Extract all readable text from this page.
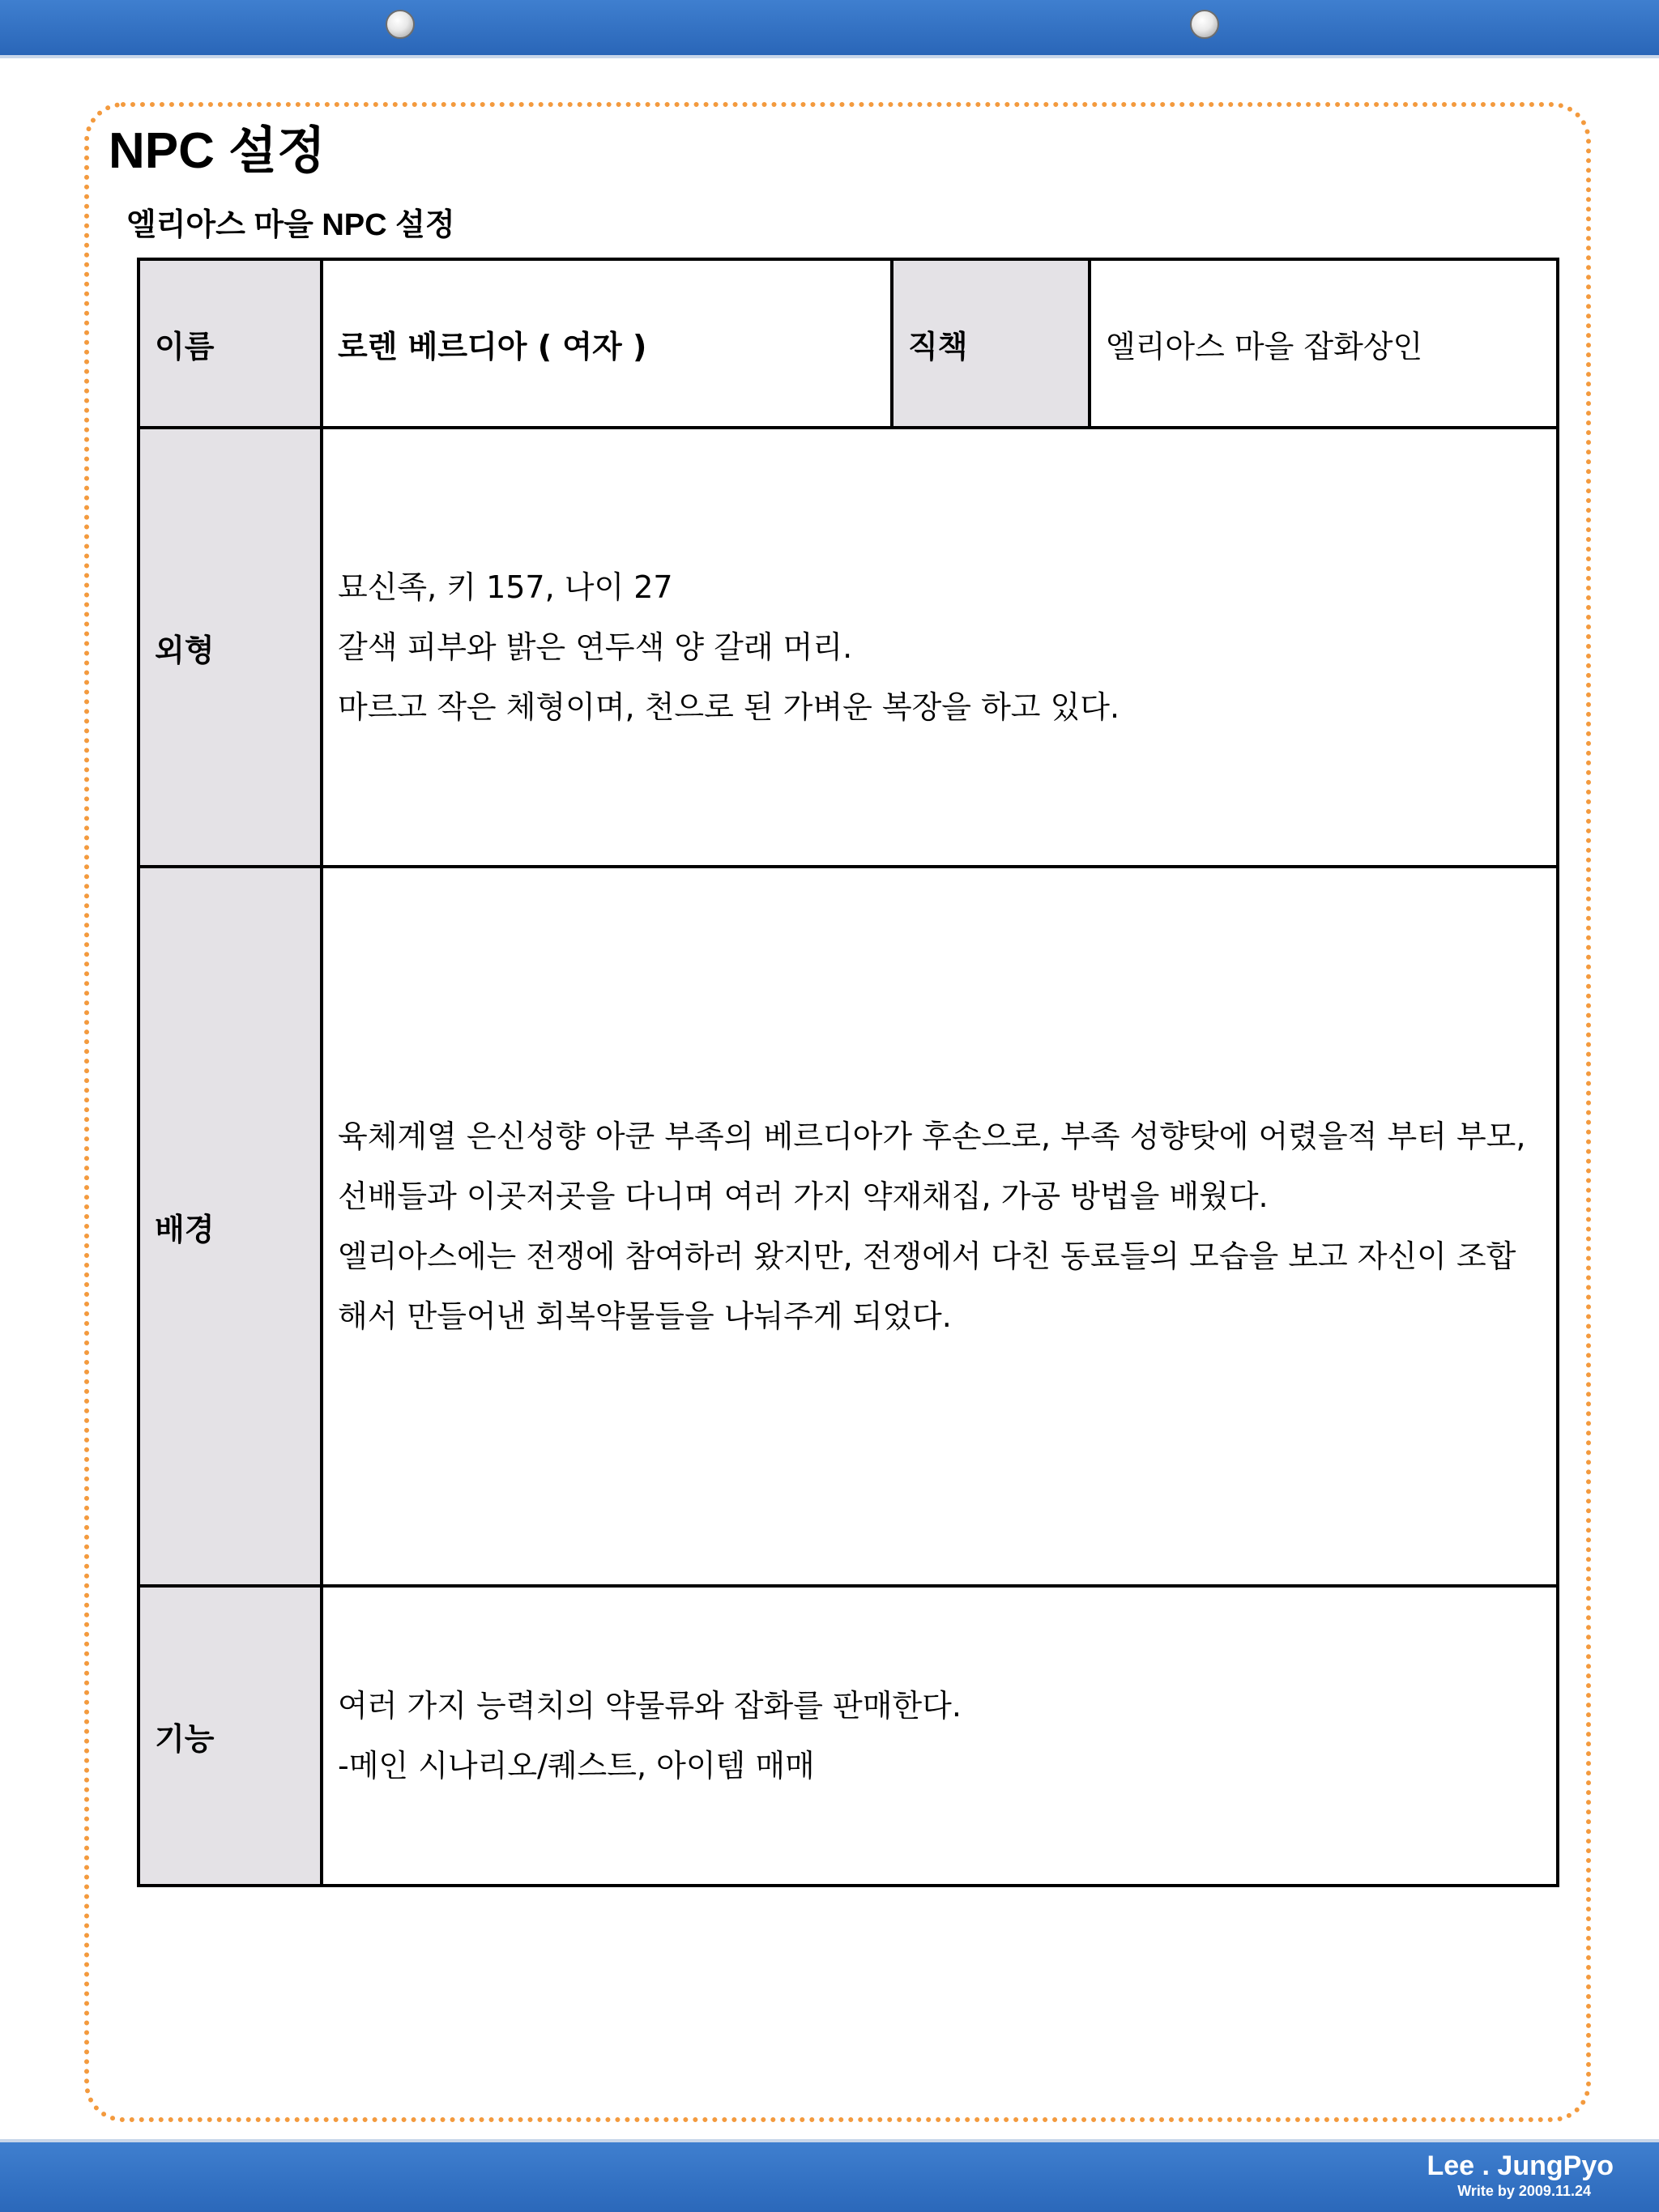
NPC 설정
엘리아스 마을 NPC 설정
이름	로렌 베르디아 ( 여자 )	직책	엘리아스 마을 잡화상인
외형	묘신족, 키 157, 나이 27
갈색 피부와 밝은 연두색 양 갈래 머리.
마르고 작은 체형이며, 천으로 된 가벼운 복장을 하고 있다.		

배경	육체계열 은신성향 아쿤 부족의 베르디아가 후손으로, 부족 성향탓에 어렸을적 부터 부모,
선배들과 이곳저곳을 다니며 여러 가지 약재채집, 가공 방법을 배웠다.
엘리아스에는 전쟁에 참여하러 왔지만, 전쟁에서 다친 동료들의 모습을 보고 자신이 조합
해서 만들어낸 회복약물들을 나눠주게 되었다.		

기능	여러 가지 능력치의 약물류와 잡화를 판매한다.
-메인 시나리오/퀘스트, 아이템 매매		
Lee . JungPyo
Write by 2009.11.24
